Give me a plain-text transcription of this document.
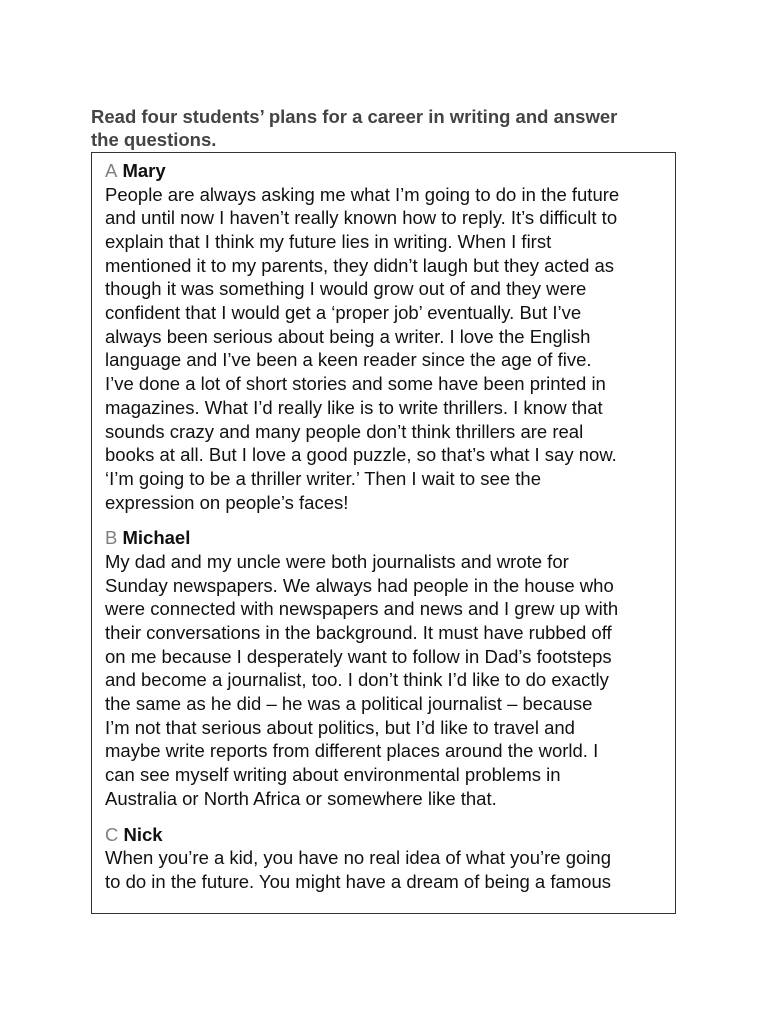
Read four students’ plans for a career in writing and answer
the questions.

A Mary

People are always asking me what I’m going to do in the future
and until now I haven’t really known how to reply. It’s difficult to
explain that I think my future lies in writing. When I first
mentioned it to my parents, they didn’t laugh but they acted as
though it was something I would grow out of and they were
confident that I would get a ‘proper job’ eventually. But I’ve
always been serious about being a writer. I love the English
language and I’ve been a keen reader since the age of five.
I’ve done a lot of short stories and some have been printed in
magazines. What I’d really like is to write thrillers. I know that
sounds crazy and many people don’t think thrillers are real
books at all. But I love a good puzzle, so that’s what I say now.
‘I’m going to be a thriller writer.’ Then I wait to see the
expression on people’s faces!

B Michael

My dad and my uncle were both journalists and wrote for
Sunday newspapers. We always had people in the house who
were connected with newspapers and news and I grew up with
their conversations in the background. It must have rubbed off
on me because I desperately want to follow in Dad’s footsteps
and become a journalist, too. I don’t think I’d like to do exactly
the same as he did – he was a political journalist – because
I’m not that serious about politics, but I’d like to travel and
maybe write reports from different places around the world. I
can see myself writing about environmental problems in
Australia or North Africa or somewhere like that.

C Nick

When you’re a kid, you have no real idea of what you’re going
to do in the future. You might have a dream of being a famous
